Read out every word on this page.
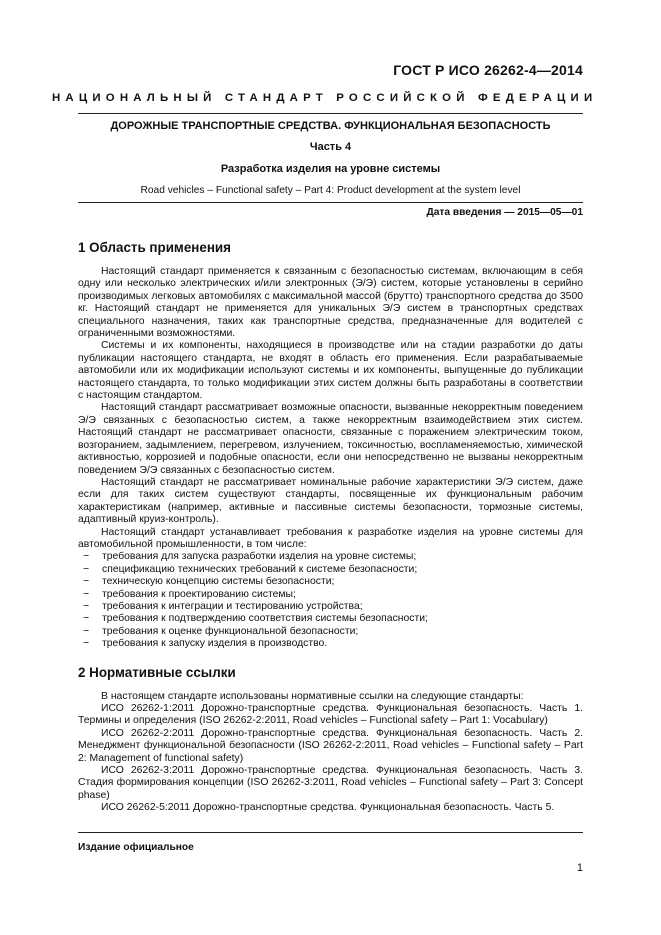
ГОСТ Р ИСО 26262-4—2014
НАЦИОНАЛЬНЫЙ СТАНДАРТ РОССИЙСКОЙ ФЕДЕРАЦИИ
ДОРОЖНЫЕ ТРАНСПОРТНЫЕ СРЕДСТВА. ФУНКЦИОНАЛЬНАЯ БЕЗОПАСНОСТЬ
Часть 4
Разработка изделия на уровне системы
Road vehicles – Functional safety – Part 4: Product development at the system level
Дата введения — 2015—05—01
1 Область применения

Настоящий стандарт применяется к связанным с безопасностью системам, включающим в себя одну или несколько электрических и/или электронных (Э/Э) систем, которые установлены в серийно производимых легковых автомобилях с максимальной массой (брутто) транспортного средства до 3500 кг. Настоящий стандарт не применяется для уникальных Э/Э систем в транспортных средствах специального назначения, таких как транспортные средства, предназначенные для водителей с ограниченными возможностями.

Системы и их компоненты, находящиеся в производстве или на стадии разработки до даты публикации настоящего стандарта, не входят в область его применения. Если разрабатываемые автомобили или их модификации используют системы и их компоненты, выпущенные до публикации настоящего стандарта, то только модификации этих систем должны быть разработаны в соответствии с настоящим стандартом.

Настоящий стандарт рассматривает возможные опасности, вызванные некорректным поведением Э/Э связанных с безопасностью систем, а также некорректным взаимодействием этих систем. Настоящий стандарт не рассматривает опасности, связанные с поражением электрическим током, возгоранием, задымлением, перегревом, излучением, токсичностью, воспламеняемостью, химической активностью, коррозией и подобные опасности, если они непосредственно не вызваны некорректным поведением Э/Э связанных с безопасностью систем.

Настоящий стандарт не рассматривает номинальные рабочие характеристики Э/Э систем, даже если для таких систем существуют стандарты, посвященные их функциональным рабочим характеристикам (например, активные и пассивные системы безопасности, тормозные системы, адаптивный круиз-контроль).

Настоящий стандарт устанавливает требования к разработке изделия на уровне системы для автомобильной промышленности, в том числе:

− требования для запуска разработки изделия на уровне системы;
− спецификацию технических требований к системе безопасности;
− техническую концепцию системы безопасности;
− требования к проектированию системы;
− требования к интеграции и тестированию устройства;
− требования к подтверждению соответствия системы безопасности;
− требования к оценке функциональной безопасности;
− требования к запуску изделия в производство.
2 Нормативные ссылки

В настоящем стандарте использованы нормативные ссылки на следующие стандарты:

ИСО 26262-1:2011 Дорожно-транспортные средства. Функциональная безопасность. Часть 1. Термины и определения (ISO 26262-2:2011, Road vehicles – Functional safety – Part 1: Vocabulary)

ИСО 26262-2:2011 Дорожно-транспортные средства. Функциональная безопасность. Часть 2. Менеджмент функциональной безопасности (ISO 26262-2:2011, Road vehicles – Functional safety – Part 2: Management of functional safety)

ИСО 26262-3:2011 Дорожно-транспортные средства. Функциональная безопасность. Часть 3. Стадия формирования концепции (ISO 26262-3:2011, Road vehicles – Functional safety – Part 3: Concept phase)

ИСО 26262-5:2011 Дорожно-транспортные средства. Функциональная безопасность. Часть 5.

Издание официальное
1
